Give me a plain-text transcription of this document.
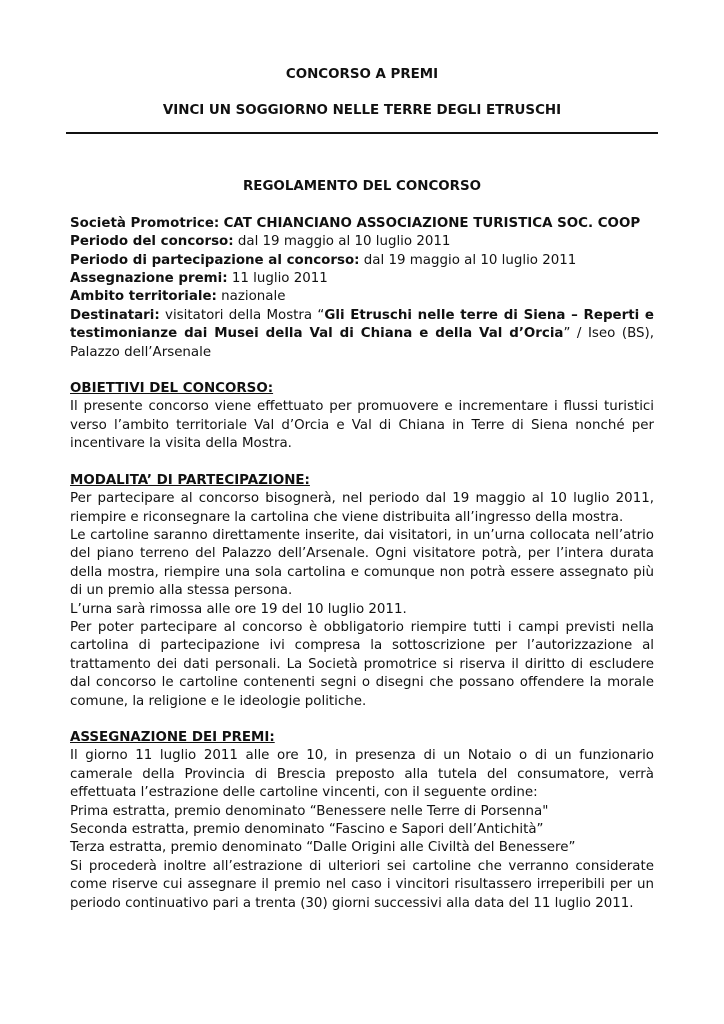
CONCORSO A PREMI
VINCI UN SOGGIORNO NELLE TERRE DEGLI ETRUSCHI
REGOLAMENTO DEL CONCORSO

Società Promotrice: CAT CHIANCIANO ASSOCIAZIONE TURISTICA SOC. COOP

Periodo del concorso: dal 19 maggio al 10 luglio 2011

Periodo di partecipazione al concorso: dal 19 maggio al 10 luglio 2011

Assegnazione premi: 11 luglio 2011

Ambito territoriale: nazionale

Destinatari: visitatori della Mostra “Gli Etruschi nelle terre di Siena – Reperti e testimonianze dai Musei della Val di Chiana e della Val d’Orcia” / Iseo (BS), Palazzo dell’Arsenale

OBIETTIVI DEL CONCORSO:

Il presente concorso viene effettuato per promuovere e incrementare i flussi turistici verso l’ambito territoriale Val d’Orcia e Val di Chiana in Terre di Siena nonché per incentivare la visita della Mostra.

MODALITA’ DI PARTECIPAZIONE:

Per partecipare al concorso bisognerà, nel periodo dal 19 maggio al 10 luglio 2011, riempire e riconsegnare la cartolina che viene distribuita all’ingresso della mostra.

Le cartoline saranno direttamente inserite, dai visitatori, in un’urna collocata nell’atrio del piano terreno del Palazzo dell’Arsenale. Ogni visitatore potrà, per l’intera durata della mostra, riempire una sola cartolina e comunque non potrà essere assegnato più di un premio alla stessa persona.

L’urna sarà rimossa alle ore 19 del 10 luglio 2011.

Per poter partecipare al concorso è obbligatorio riempire tutti i campi previsti nella cartolina di partecipazione ivi compresa la sottoscrizione per l’autorizzazione al trattamento dei dati personali. La Società promotrice si riserva il diritto di escludere dal concorso le cartoline contenenti segni o disegni che possano offendere la morale comune, la religione e le ideologie politiche.

ASSEGNAZIONE DEI PREMI:

Il giorno 11 luglio 2011 alle ore 10, in presenza di un Notaio o di un funzionario camerale della Provincia di Brescia preposto alla tutela del consumatore, verrà effettuata l’estrazione delle cartoline vincenti, con il seguente ordine:

Prima estratta, premio denominato “Benessere nelle Terre di Porsenna"

Seconda estratta, premio denominato “Fascino e Sapori dell’Antichità”

Terza estratta, premio denominato “Dalle Origini alle Civiltà del Benessere”

Si procederà inoltre all’estrazione di ulteriori sei cartoline che verranno considerate come riserve cui assegnare il premio nel caso i vincitori risultassero irreperibili per un periodo continuativo pari a trenta (30) giorni successivi alla data del 11 luglio 2011.
